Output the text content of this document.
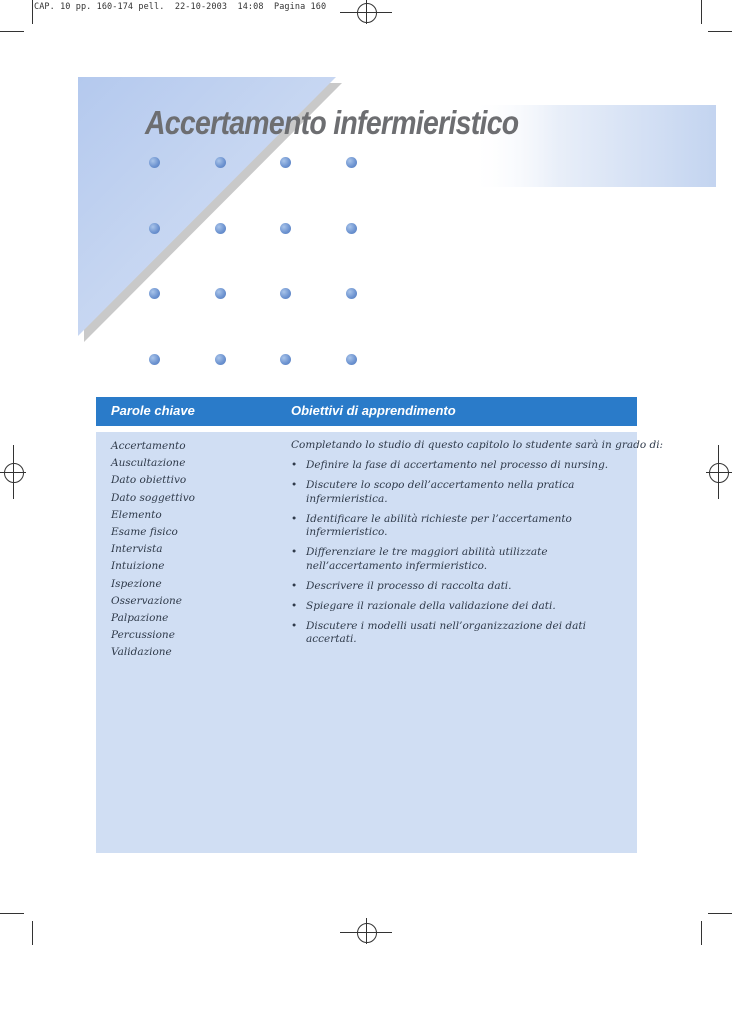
CAP. 10 pp. 160-174 pell.  22-10-2003  14:08  Pagina 160
Accertamento infermieristico
Parole chiave	Obiettivi di apprendimento
Accertamento
Auscultazione
Dato obiettivo
Dato soggettivo
Elemento
Esame fisico
Intervista
Intuizione
Ispezione
Osservazione
Palpazione
Percussione
Validazione
Completando lo studio di questo capitolo lo studente sarà in grado di:
• Definire la fase di accertamento nel processo di nursing.
• Discutere lo scopo dell’accertamento nella pratica infermieristica.
• Identificare le abilità richieste per l’accertamento infermieristico.
• Differenziare le tre maggiori abilità utilizzate nell’accertamento infermieristico.
• Descrivere il processo di raccolta dati.
• Spiegare il razionale della validazione dei dati.
• Discutere i modelli usati nell’organizzazione dei dati accertati.
